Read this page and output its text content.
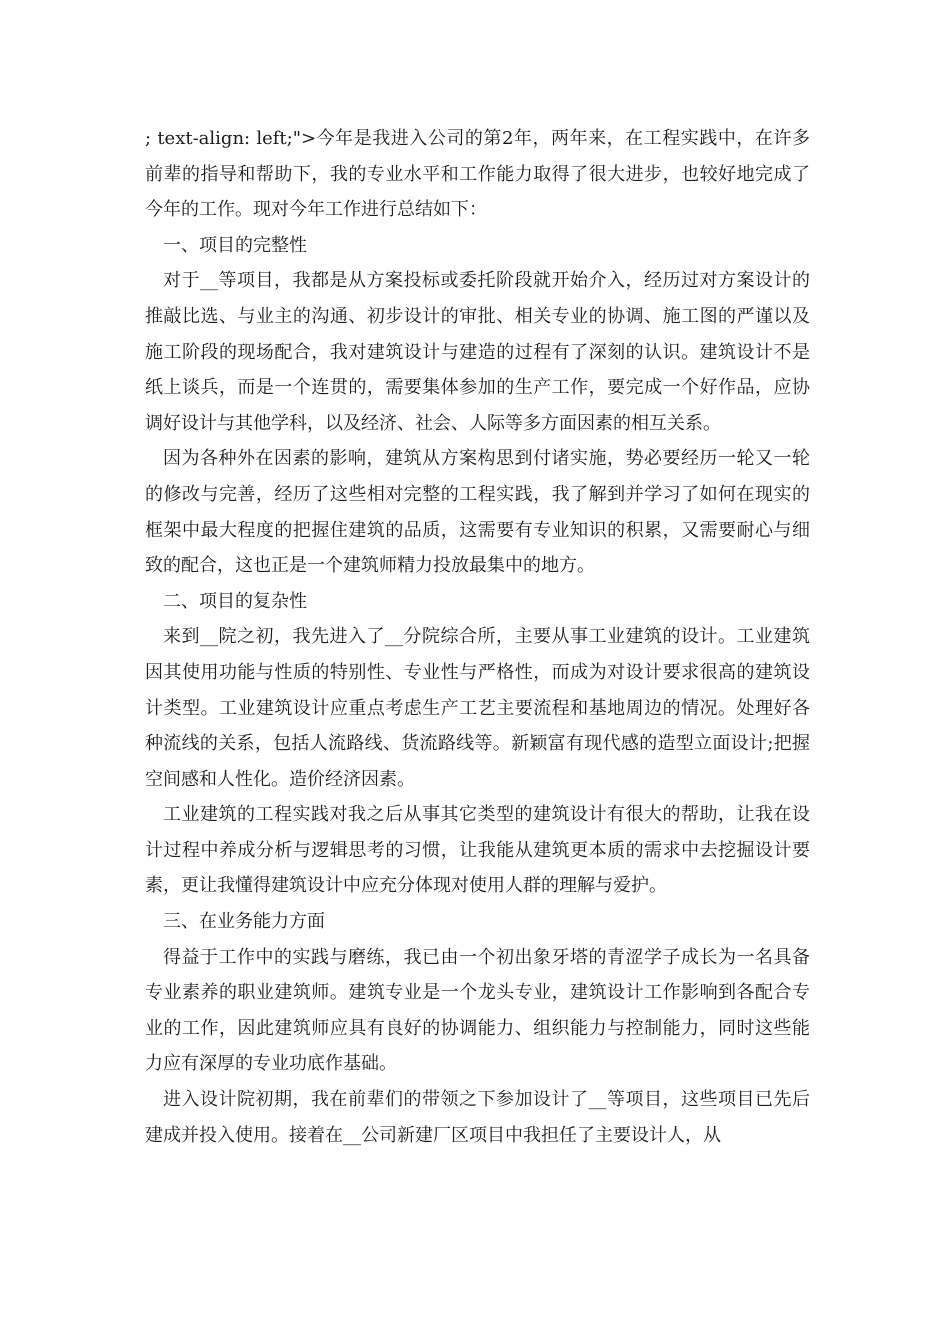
; text-align: left;">今年是我进入公司的第2年，两年来，在工程实践中，在许多前辈的指导和帮助下，我的专业水平和工作能力取得了很大进步，也较好地完成了今年的工作。现对今年工作进行总结如下：

一、项目的完整性

对于__等项目，我都是从方案投标或委托阶段就开始介入，经历过对方案设计的推敲比选、与业主的沟通、初步设计的审批、相关专业的协调、施工图的严谨以及施工阶段的现场配合，我对建筑设计与建造的过程有了深刻的认识。建筑设计不是纸上谈兵，而是一个连贯的，需要集体参加的生产工作，要完成一个好作品，应协调好设计与其他学科，以及经济、社会、人际等多方面因素的相互关系。

因为各种外在因素的影响，建筑从方案构思到付诸实施，势必要经历一轮又一轮的修改与完善，经历了这些相对完整的工程实践，我了解到并学习了如何在现实的框架中最大程度的把握住建筑的品质，这需要有专业知识的积累，又需要耐心与细致的配合，这也正是一个建筑师精力投放最集中的地方。

二、项目的复杂性

来到__院之初，我先进入了__分院综合所，主要从事工业建筑的设计。工业建筑因其使用功能与性质的特别性、专业性与严格性，而成为对设计要求很高的建筑设计类型。工业建筑设计应重点考虑生产工艺主要流程和基地周边的情况。处理好各种流线的关系，包括人流路线、货流路线等。新颖富有现代感的造型立面设计;把握空间感和人性化。造价经济因素。

工业建筑的工程实践对我之后从事其它类型的建筑设计有很大的帮助，让我在设计过程中养成分析与逻辑思考的习惯，让我能从建筑更本质的需求中去挖掘设计要素，更让我懂得建筑设计中应充分体现对使用人群的理解与爱护。

三、在业务能力方面

得益于工作中的实践与磨练，我已由一个初出象牙塔的青涩学子成长为一名具备专业素养的职业建筑师。建筑专业是一个龙头专业，建筑设计工作影响到各配合专业的工作，因此建筑师应具有良好的协调能力、组织能力与控制能力，同时这些能力应有深厚的专业功底作基础。

进入设计院初期，我在前辈们的带领之下参加设计了__等项目，这些项目已先后建成并投入使用。接着在__公司新建厂区项目中我担任了主要设计人，从
